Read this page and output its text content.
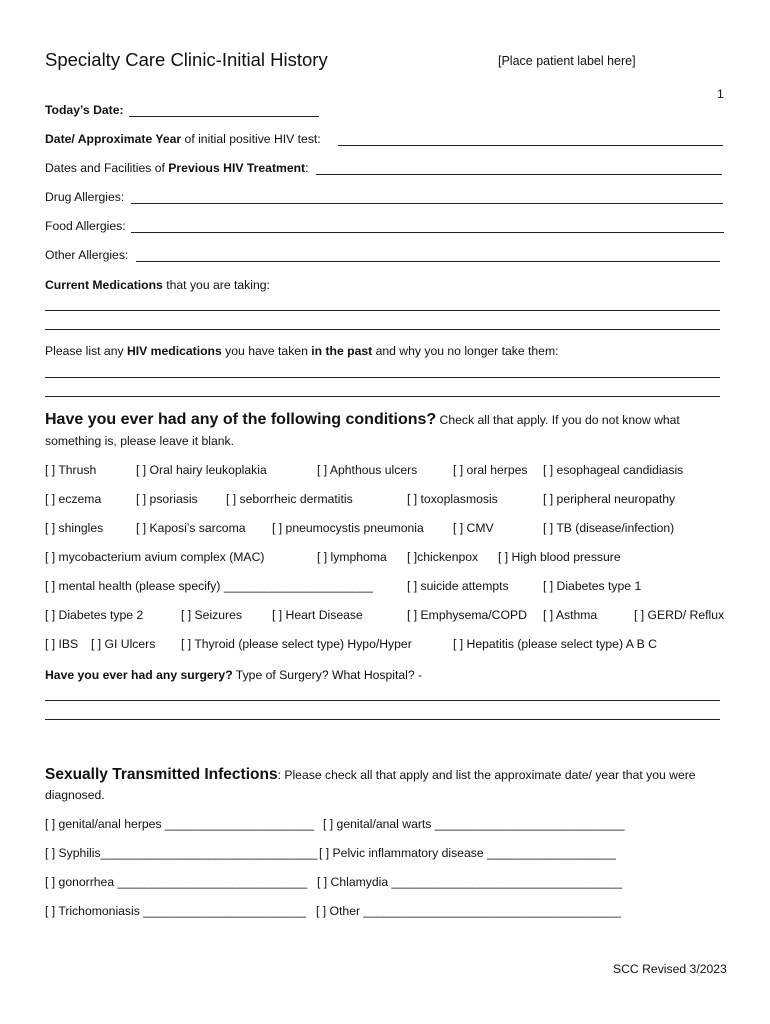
Specialty Care Clinic-Initial History	[Place patient label here]
1
Today’s Date:
Date/ Approximate Year of initial positive HIV test:
Dates and Facilities of Previous HIV Treatment:
Drug Allergies:
Food Allergies:
Other Allergies:
Current Medications that you are taking:
Please list any HIV medications you have taken in the past and why you no longer take them:
Have you ever had any of the following conditions? Check all that apply. If you do not know what
something is, please leave it blank.
[ ] Thrush	[ ] Oral hairy leukoplakia	[ ] Aphthous ulcers	[ ] oral herpes [ ] esophageal candidiasis
[ ] eczema	[ ] psoriasis [ ] seborrheic dermatitis	[ ] toxoplasmosis	[ ] peripheral neuropathy
[ ] shingles	[ ] Kaposi’s sarcoma [ ] pneumocystis pneumonia [ ] CMV	[ ] TB (disease/infection)
[ ] mycobacterium avium complex (MAC)	[ ] lymphoma [ ]chickenpox [ ] High blood pressure
[ ] mental health (please specify) ______________________	[ ] suicide attempts	[ ] Diabetes type 1
[ ] Diabetes type 2	[ ] Seizures [ ] Heart Disease	[ ] Emphysema/COPD [ ] Asthma	[ ] GERD/ Reflux
[ ] IBS [ ] GI Ulcers [ ] Thyroid (please select type) Hypo/Hyper	[ ] Hepatitis (please select type) A B C
Have you ever had any surgery? Type of Surgery? What Hospital? -
Sexually Transmitted Infections: Please check all that apply and list the approximate date/ year that you were
diagnosed.
[ ] genital/anal herpes ______________________ [ ] genital/anal warts ____________________________
[ ] Syphilis________________________________ [ ] Pelvic inflammatory disease ___________________
[ ] gonorrhea ____________________________ [ ] Chlamydia __________________________________
[ ] Trichomoniasis ________________________ [ ] Other ______________________________________
SCC Revised 3/2023
